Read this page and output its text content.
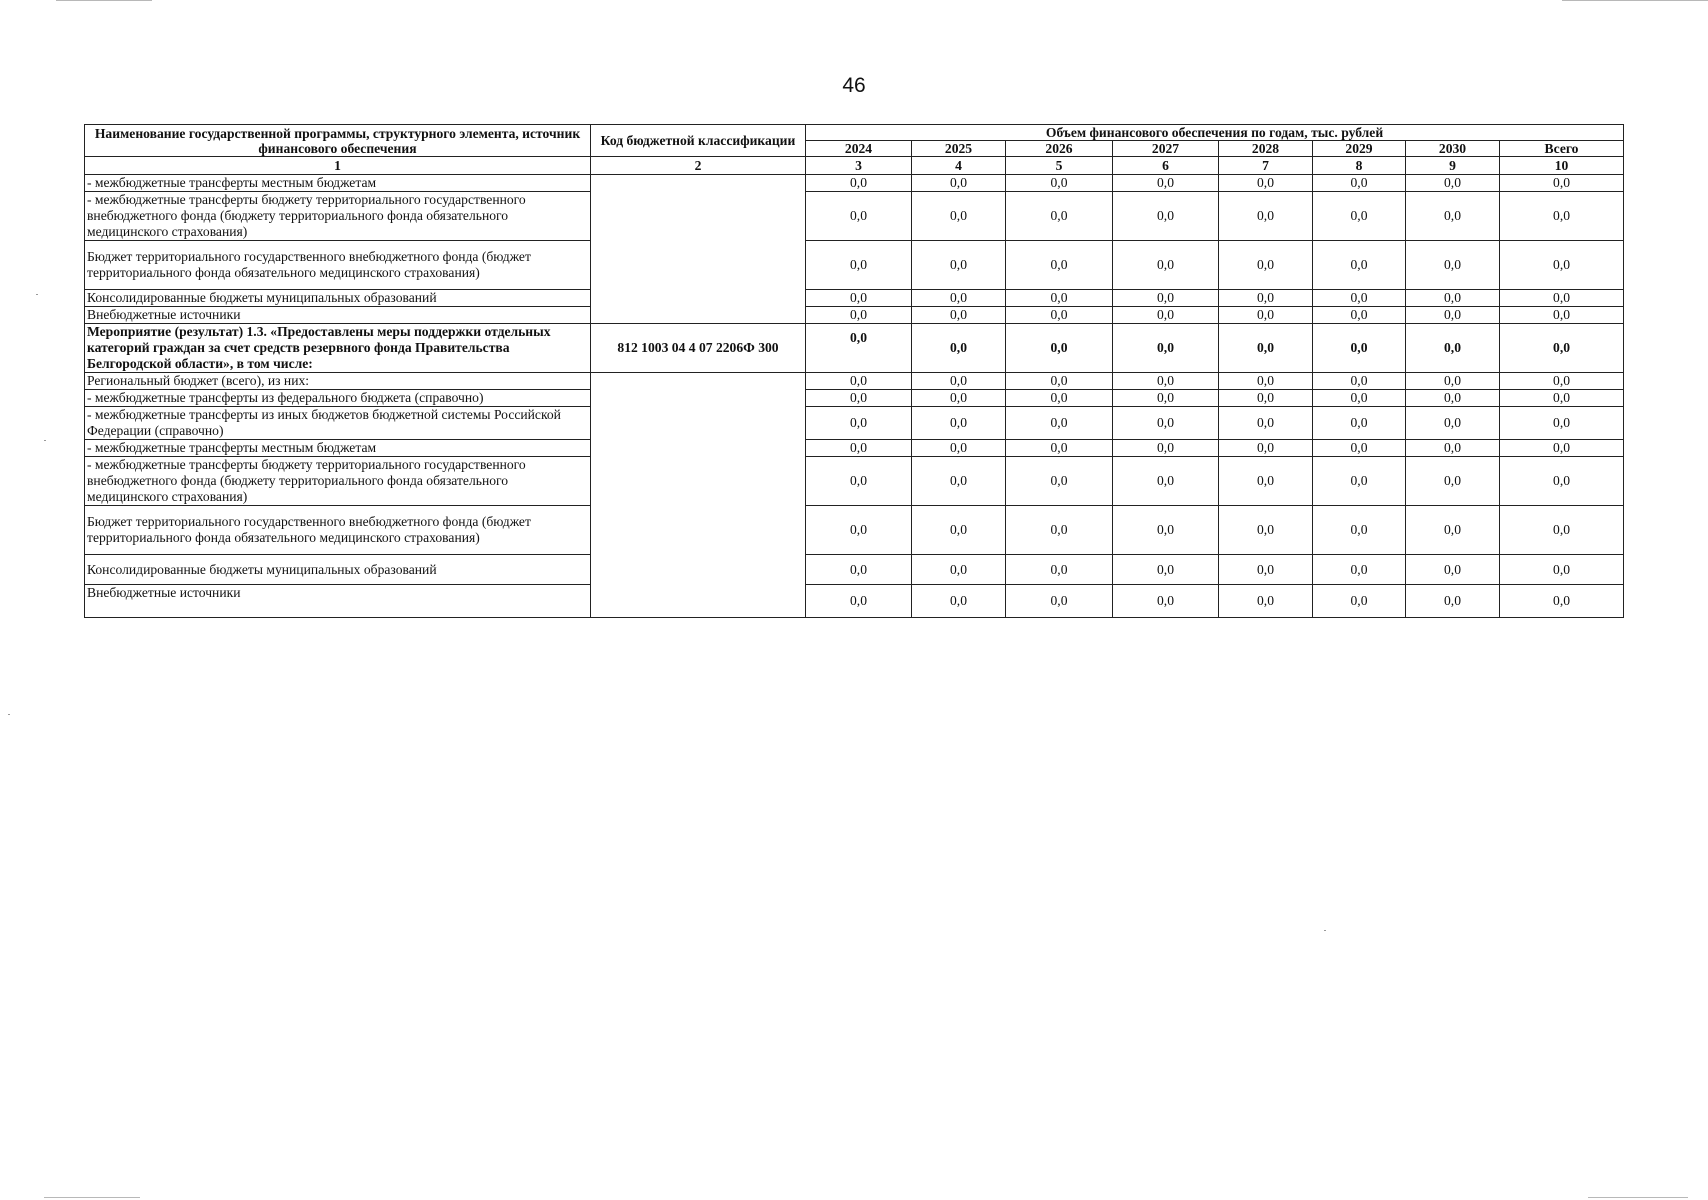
46
Наименование государственной программы, структурного элемента, источник финансового обеспечения	Код бюджетной классификации	Объем финансового обеспечения по годам, тыс. рублей							
		2024	2025	2026	2027	2028	2029	2030	Всего
1	2	3	4	5	6	7	8	9	10
- межбюджетные трансферты местным бюджетам		0,0	0,0	0,0	0,0	0,0	0,0	0,0	0,0
- межбюджетные трансферты бюджету территориального государственного внебюджетного фонда (бюджету территориального фонда обязательного медицинского страхования)		0,0	0,0	0,0	0,0	0,0	0,0	0,0	0,0
Бюджет территориального государственного внебюджетного фонда (бюджет территориального фонда обязательного медицинского страхования)		0,0	0,0	0,0	0,0	0,0	0,0	0,0	0,0
Консолидированные бюджеты муниципальных образований		0,0	0,0	0,0	0,0	0,0	0,0	0,0	0,0
Внебюджетные источники		0,0	0,0	0,0	0,0	0,0	0,0	0,0	0,0
Мероприятие (результат) 1.3. «Предоставлены меры поддержки отдельных категорий граждан за счет средств резервного фонда Правительства Белгородской области», в том числе:	812 1003 04 4 07 2206Ф 300	0,0	0,0	0,0	0,0	0,0	0,0	0,0	0,0
Региональный бюджет (всего), из них:		0,0	0,0	0,0	0,0	0,0	0,0	0,0	0,0
- межбюджетные трансферты из федерального бюджета (справочно)		0,0	0,0	0,0	0,0	0,0	0,0	0,0	0,0
- межбюджетные трансферты из иных бюджетов бюджетной системы Российской Федерации (справочно)		0,0	0,0	0,0	0,0	0,0	0,0	0,0	0,0
- межбюджетные трансферты местным бюджетам		0,0	0,0	0,0	0,0	0,0	0,0	0,0	0,0
- межбюджетные трансферты бюджету территориального государственного внебюджетного фонда (бюджету территориального фонда обязательного медицинского страхования)		0,0	0,0	0,0	0,0	0,0	0,0	0,0	0,0
Бюджет территориального государственного внебюджетного фонда (бюджет территориального фонда обязательного медицинского страхования)		0,0	0,0	0,0	0,0	0,0	0,0	0,0	0,0
Консолидированные бюджеты муниципальных образований		0,0	0,0	0,0	0,0	0,0	0,0	0,0	0,0
Внебюджетные источники		0,0	0,0	0,0	0,0	0,0	0,0	0,0	0,0
